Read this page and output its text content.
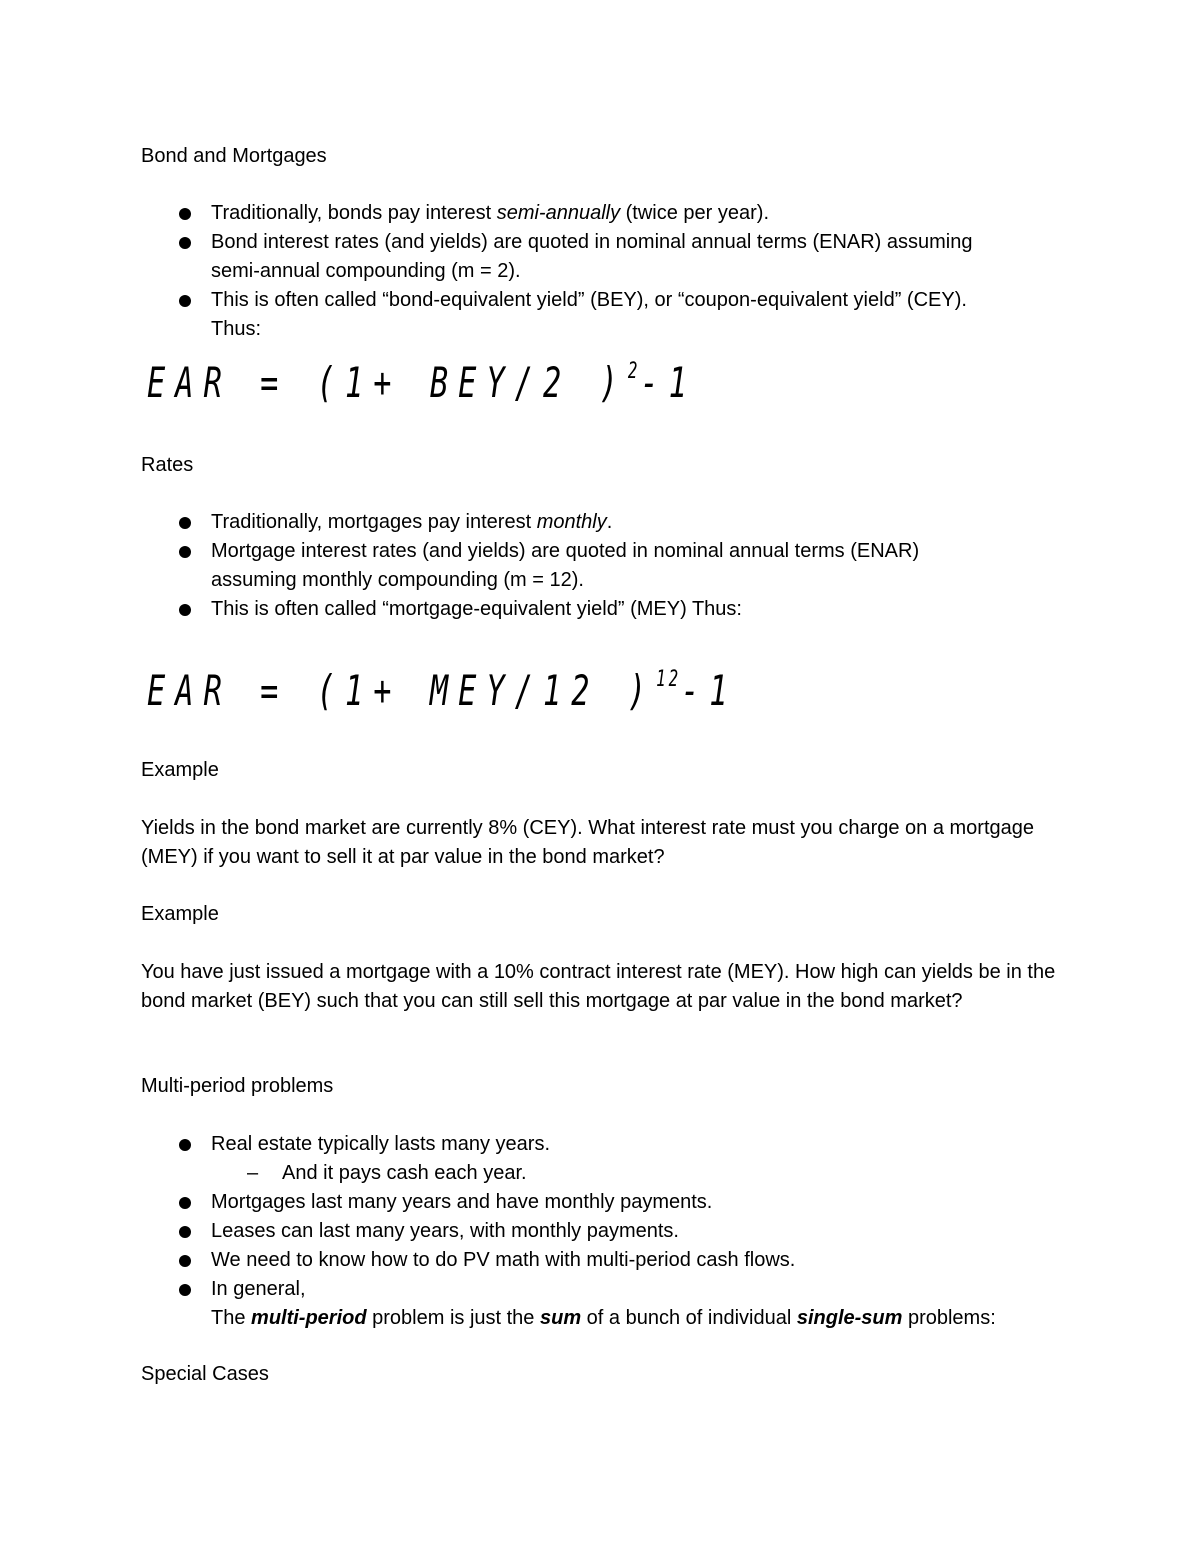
Bond and Mortgages
Traditionally, bonds pay interest semi-annually (twice per year).
Bond interest rates (and yields) are quoted in nominal annual terms (ENAR) assuming
semi-annual compounding (m = 2).
This is often called “bond-equivalent yield” (BEY), or “coupon-equivalent yield” (CEY).
Thus:
EAR = (1+ BEY/2 )$^2$-1
Rates
Traditionally, mortgages pay interest monthly.
Mortgage interest rates (and yields) are quoted in nominal annual terms (ENAR)
assuming monthly compounding (m = 12).
This is often called “mortgage-equivalent yield” (MEY) Thus:
EAR = (1+ MEY/12 )$^{12}$-1
Example
Yields in the bond market are currently 8% (CEY). What interest rate must you charge on a mortgage (MEY) if you want to sell it at par value in the bond market?
Example
You have just issued a mortgage with a 10% contract interest rate (MEY). How high can yields be in the bond market (BEY) such that you can still sell this mortgage at par value in the bond market?
Multi-period problems
Real estate typically lasts many years.
– And it pays cash each year.
Mortgages last many years and have monthly payments.
Leases can last many years, with monthly payments.
We need to know how to do PV math with multi-period cash flows.
In general,
The multi-period problem is just the sum of a bunch of individual single-sum problems:
Special Cases
